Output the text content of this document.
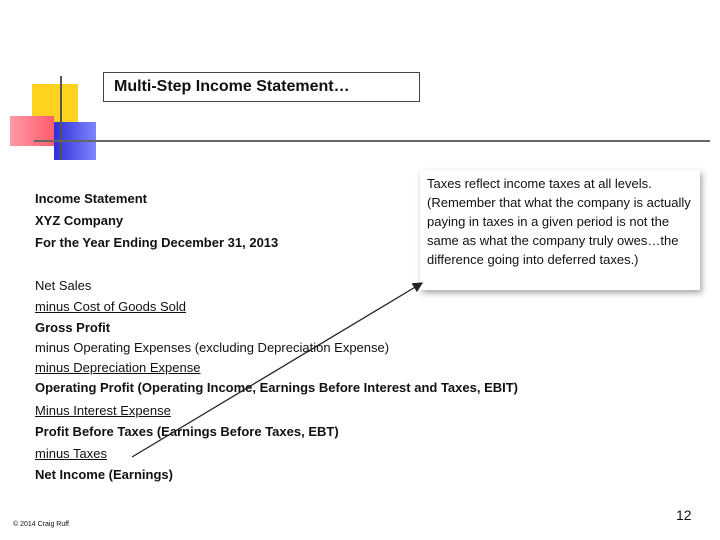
Multi-Step Income Statement…
Income Statement
XYZ Company
For the Year Ending December 31, 2013
Net Sales
minus Cost of Goods Sold
Gross Profit
minus Operating Expenses (excluding Depreciation Expense)
minus Depreciation Expense
Operating Profit (Operating Income, Earnings Before Interest and Taxes, EBIT)
Minus Interest Expense
Profit Before Taxes (Earnings Before Taxes, EBT)
minus Taxes
Net Income (Earnings)
Taxes reflect income taxes at all levels. (Remember that what the company is actually paying in taxes in a given period is not the same as what the company truly owes…the difference going into deferred taxes.)
12
© 2014 Craig Ruff
